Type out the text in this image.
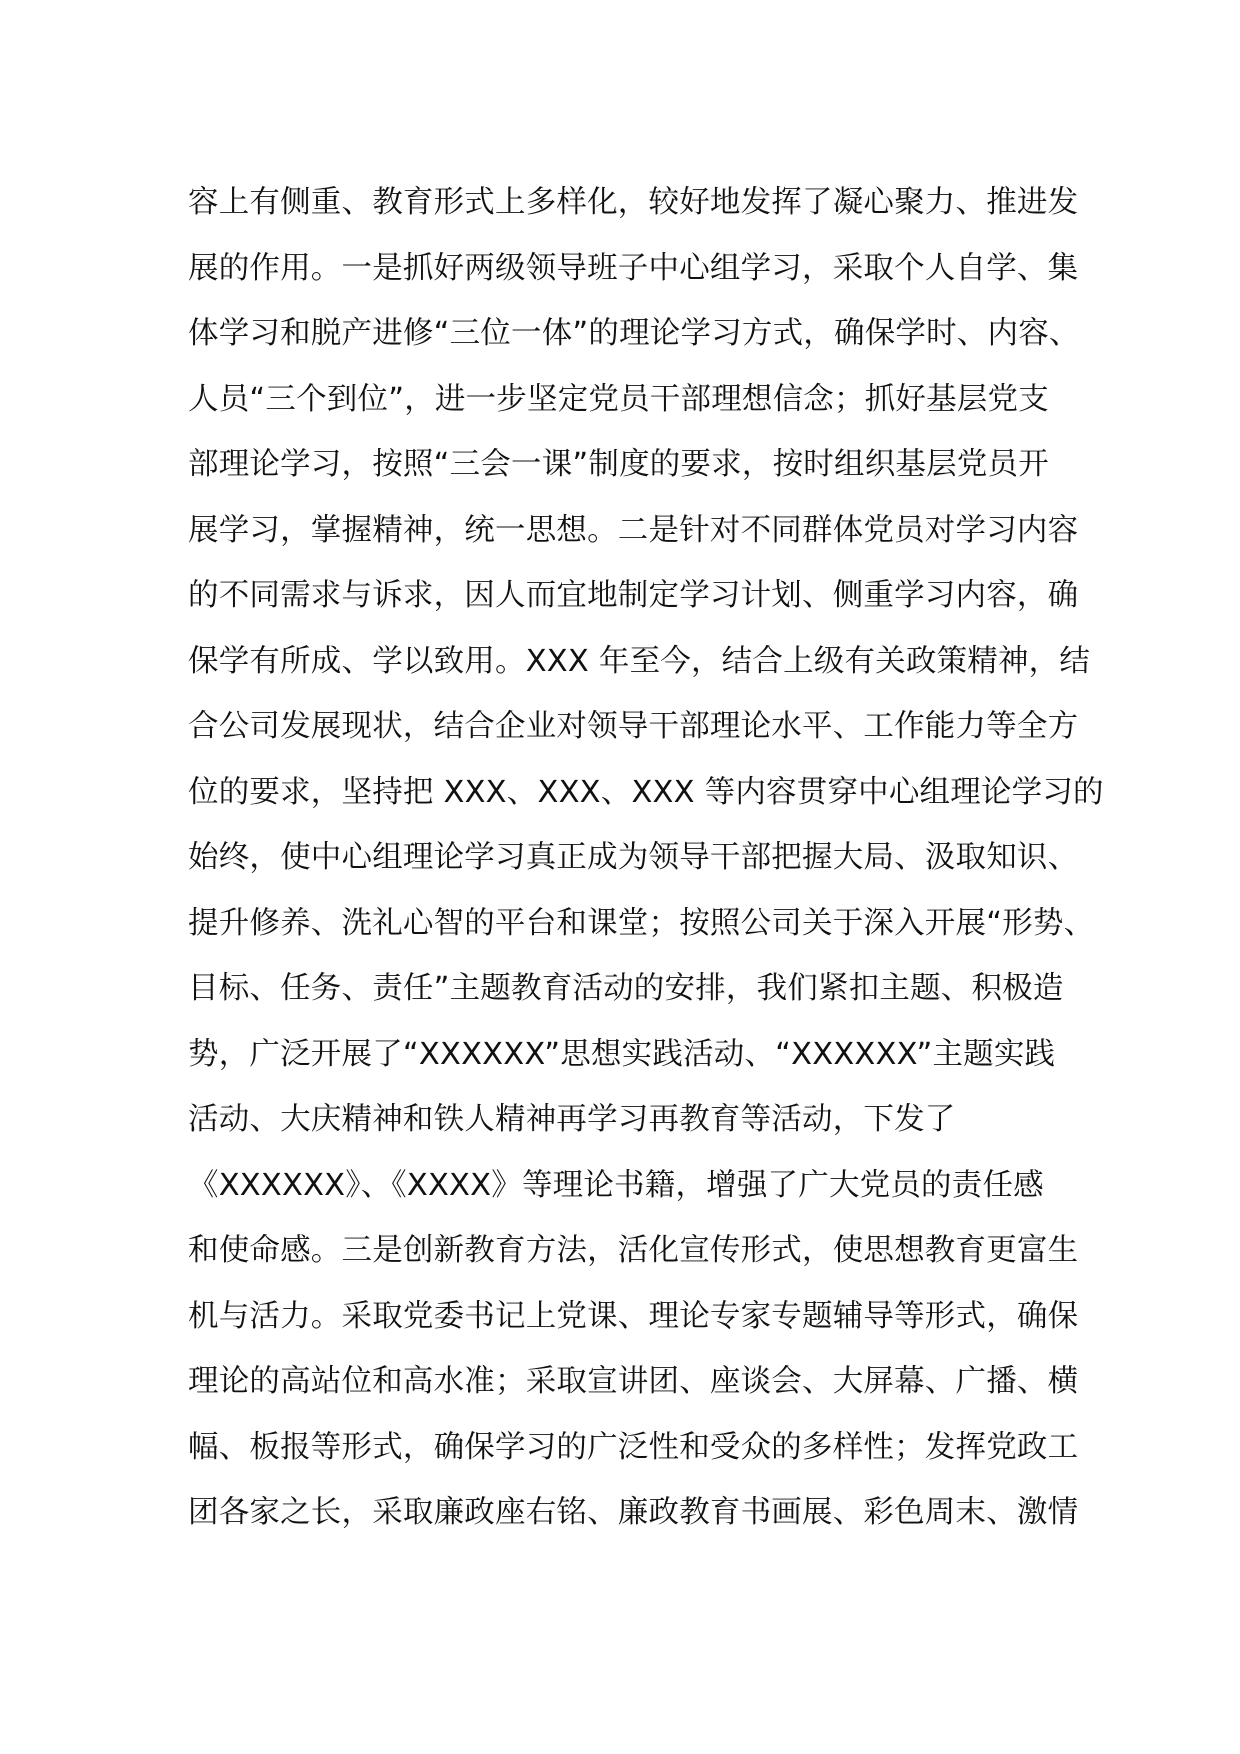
容上有侧重、教育形式上多样化，较好地发挥了凝心聚力、推进发
展的作用。一是抓好两级领导班子中心组学习，采取个人自学、集
体学习和脱产进修“三位一体”的理论学习方式，确保学时、内容、
人员“三个到位”，进一步坚定党员干部理想信念；抓好基层党支
部理论学习，按照“三会一课”制度的要求，按时组织基层党员开
展学习，掌握精神，统一思想。二是针对不同群体党员对学习内容
的不同需求与诉求，因人而宜地制定学习计划、侧重学习内容，确
保学有所成、学以致用。XXX 年至今，结合上级有关政策精神，结
合公司发展现状，结合企业对领导干部理论水平、工作能力等全方
位的要求，坚持把 XXX、XXX、XXX 等内容贯穿中心组理论学习的
始终，使中心组理论学习真正成为领导干部把握大局、汲取知识、
提升修养、洗礼心智的平台和课堂；按照公司关于深入开展“形势、
目标、任务、责任”主题教育活动的安排，我们紧扣主题、积极造
势，广泛开展了“XXXXXX”思想实践活动、“XXXXXX”主题实践
活动、大庆精神和铁人精神再学习再教育等活动，下发了
《XXXXXX》、《XXXX》等理论书籍，增强了广大党员的责任感
和使命感。三是创新教育方法，活化宣传形式，使思想教育更富生
机与活力。采取党委书记上党课、理论专家专题辅导等形式，确保
理论的高站位和高水准；采取宣讲团、座谈会、大屏幕、广播、横
幅、板报等形式，确保学习的广泛性和受众的多样性；发挥党政工
团各家之长，采取廉政座右铭、廉政教育书画展、彩色周末、激情
